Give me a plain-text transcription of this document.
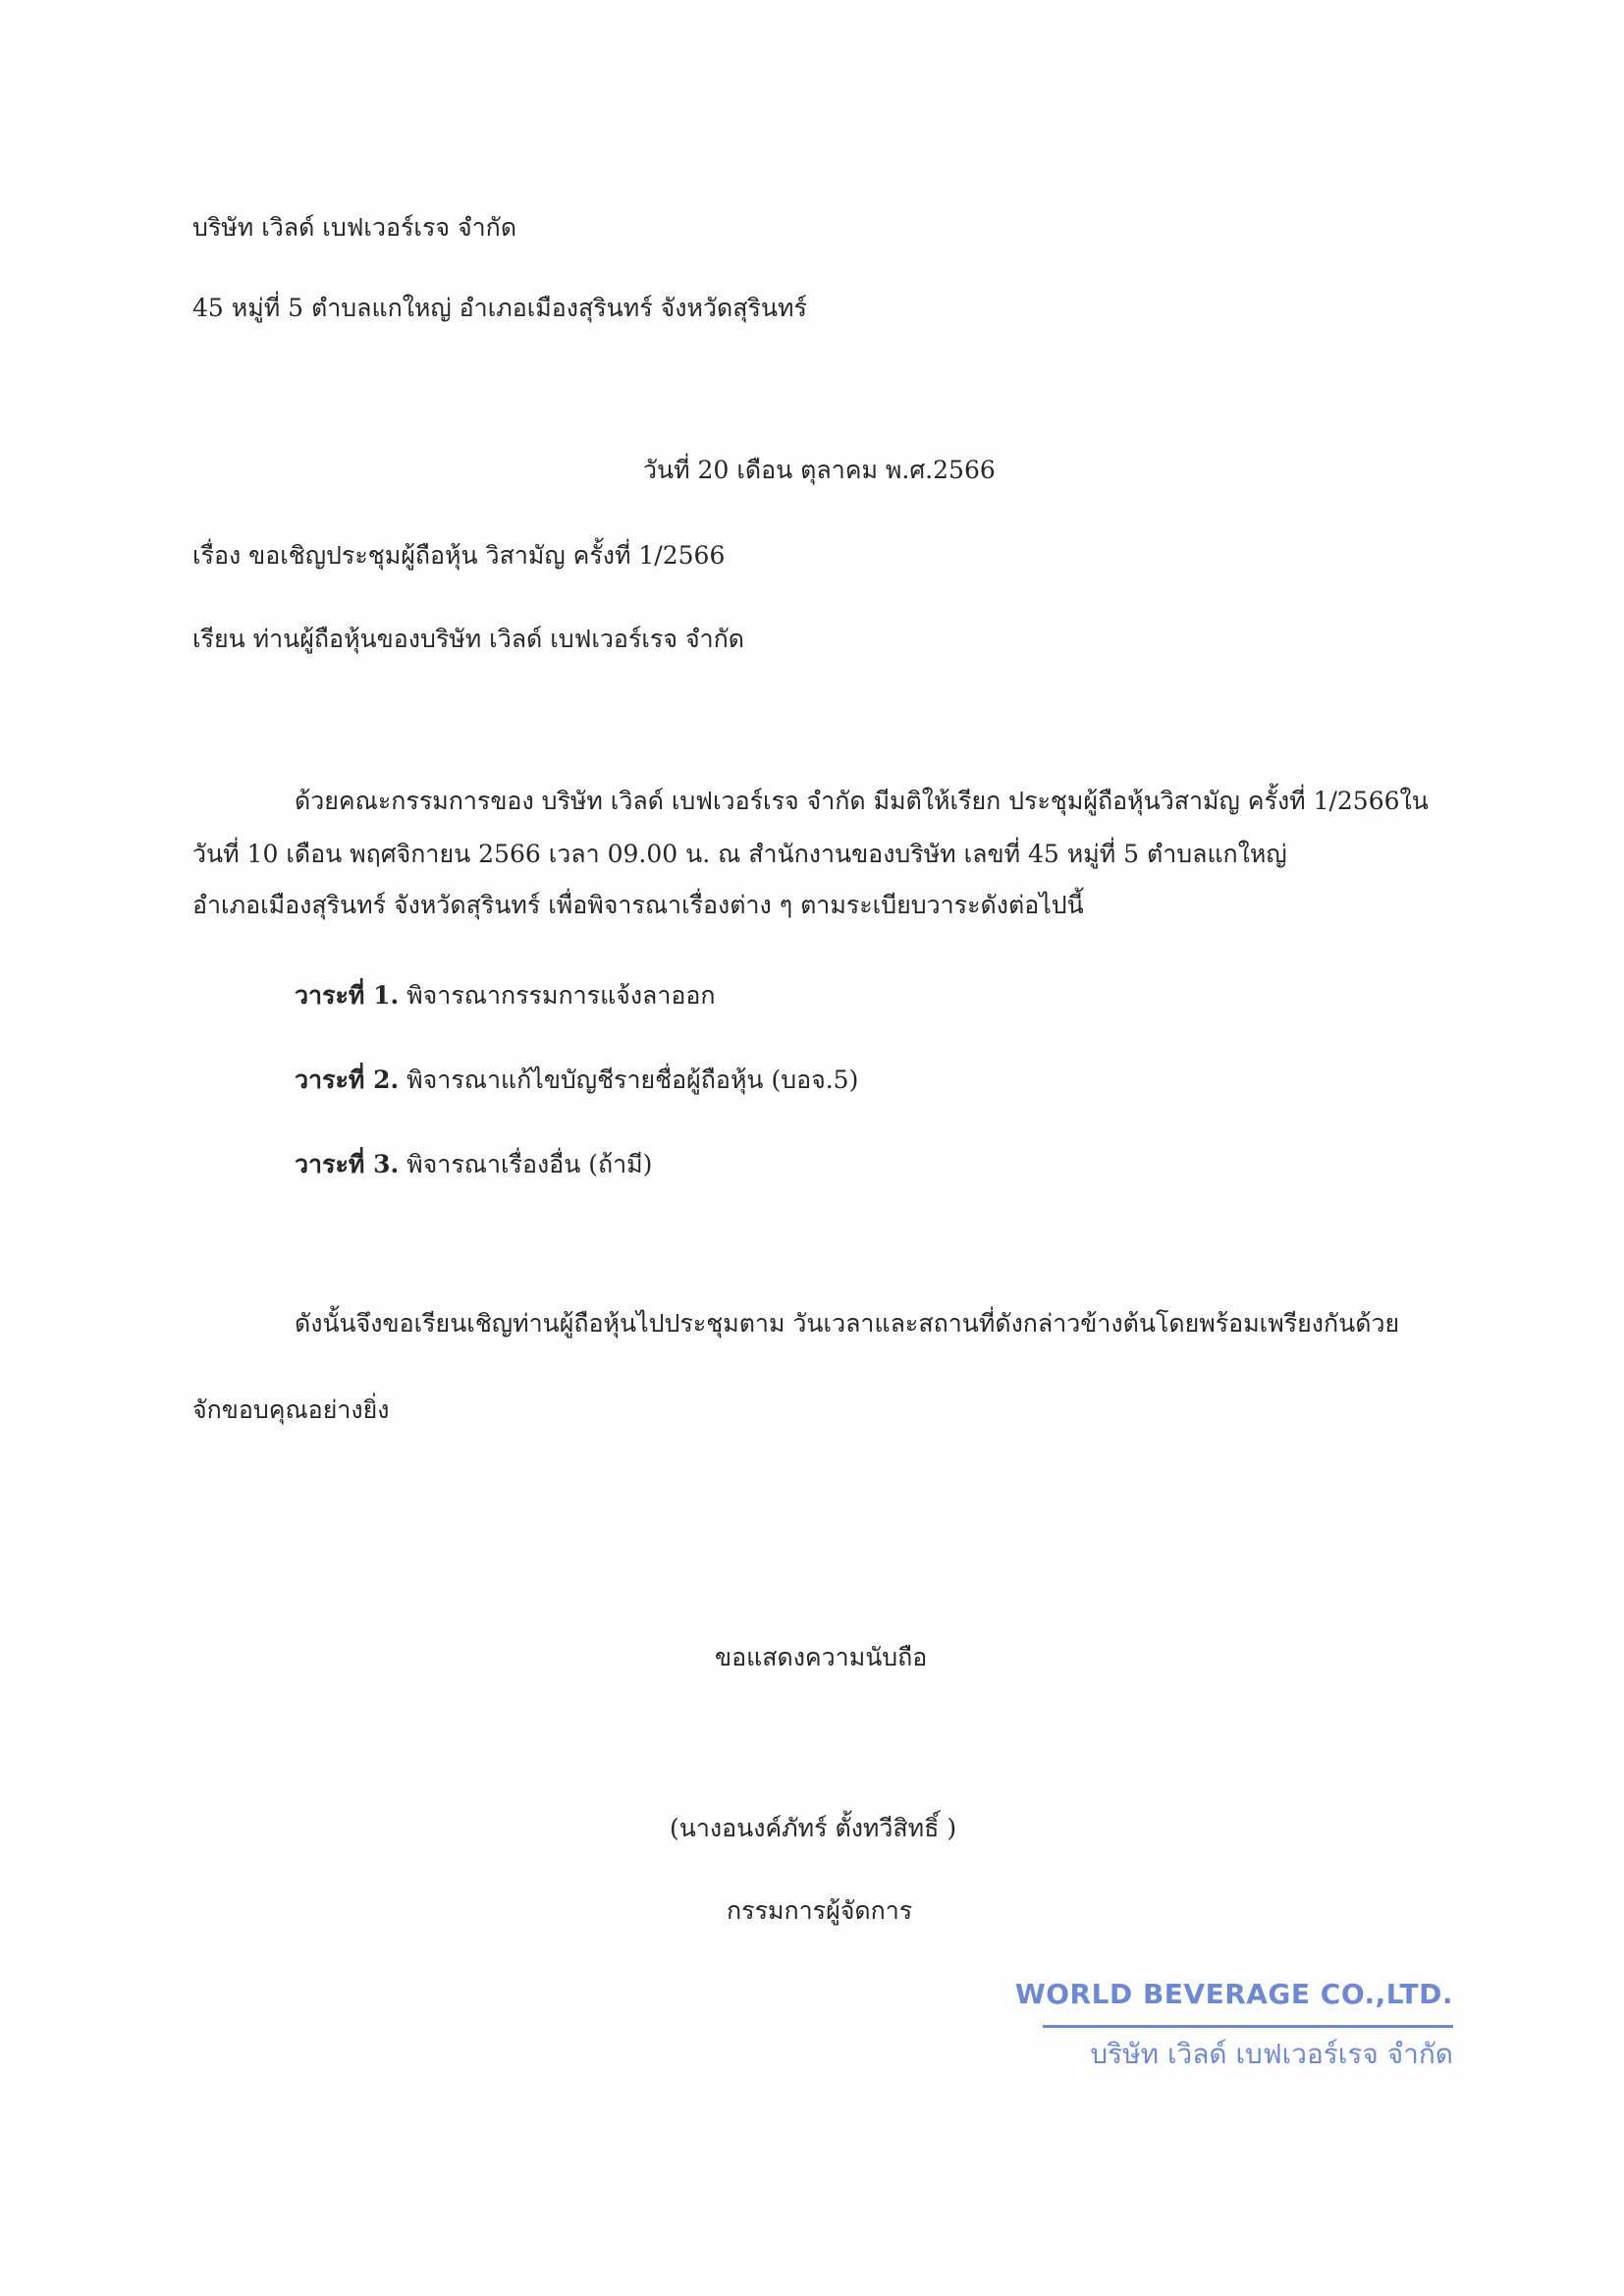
บริษัท เวิลด์ เบฟเวอร์เรจ จำกัด
45 หมู่ที่ 5 ตำบลแกใหญ่ อำเภอเมืองสุรินทร์ จังหวัดสุรินทร์
วันที่ 20 เดือน ตุลาคม พ.ศ.2566
เรื่อง ขอเชิญประชุมผู้ถือหุ้น วิสามัญ ครั้งที่ 1/2566
เรียน ท่านผู้ถือหุ้นของบริษัท เวิลด์ เบฟเวอร์เรจ จำกัด
ด้วยคณะกรรมการของ บริษัท เวิลด์ เบฟเวอร์เรจ จำกัด มีมติให้เรียก ประชุมผู้ถือหุ้นวิสามัญ ครั้งที่ 1/2566ใน
วันที่ 10 เดือน พฤศจิกายน 2566 เวลา 09.00 น. ณ สำนักงานของบริษัท เลขที่ 45 หมู่ที่ 5 ตำบลแกใหญ่
อำเภอเมืองสุรินทร์ จังหวัดสุรินทร์ เพื่อพิจารณาเรื่องต่าง ๆ ตามระเบียบวาระดังต่อไปนี้
วาระที่ 1. พิจารณากรรมการแจ้งลาออก
วาระที่ 2. พิจารณาแก้ไขบัญชีรายชื่อผู้ถือหุ้น (บอจ.5)
วาระที่ 3. พิจารณาเรื่องอื่น (ถ้ามี)
ดังนั้นจึงขอเรียนเชิญท่านผู้ถือหุ้นไปประชุมตาม วันเวลาและสถานที่ดังกล่าวข้างต้นโดยพร้อมเพรียงกันด้วย
จักขอบคุณอย่างยิ่ง
ขอแสดงความนับถือ
(นางอนงค์ภัทร์ ตั้งทวีสิทธิ์ )
กรรมการผู้จัดการ
WORLD BEVERAGE CO.,LTD.
บริษัท เวิลด์ เบฟเวอร์เรจ จำกัด
